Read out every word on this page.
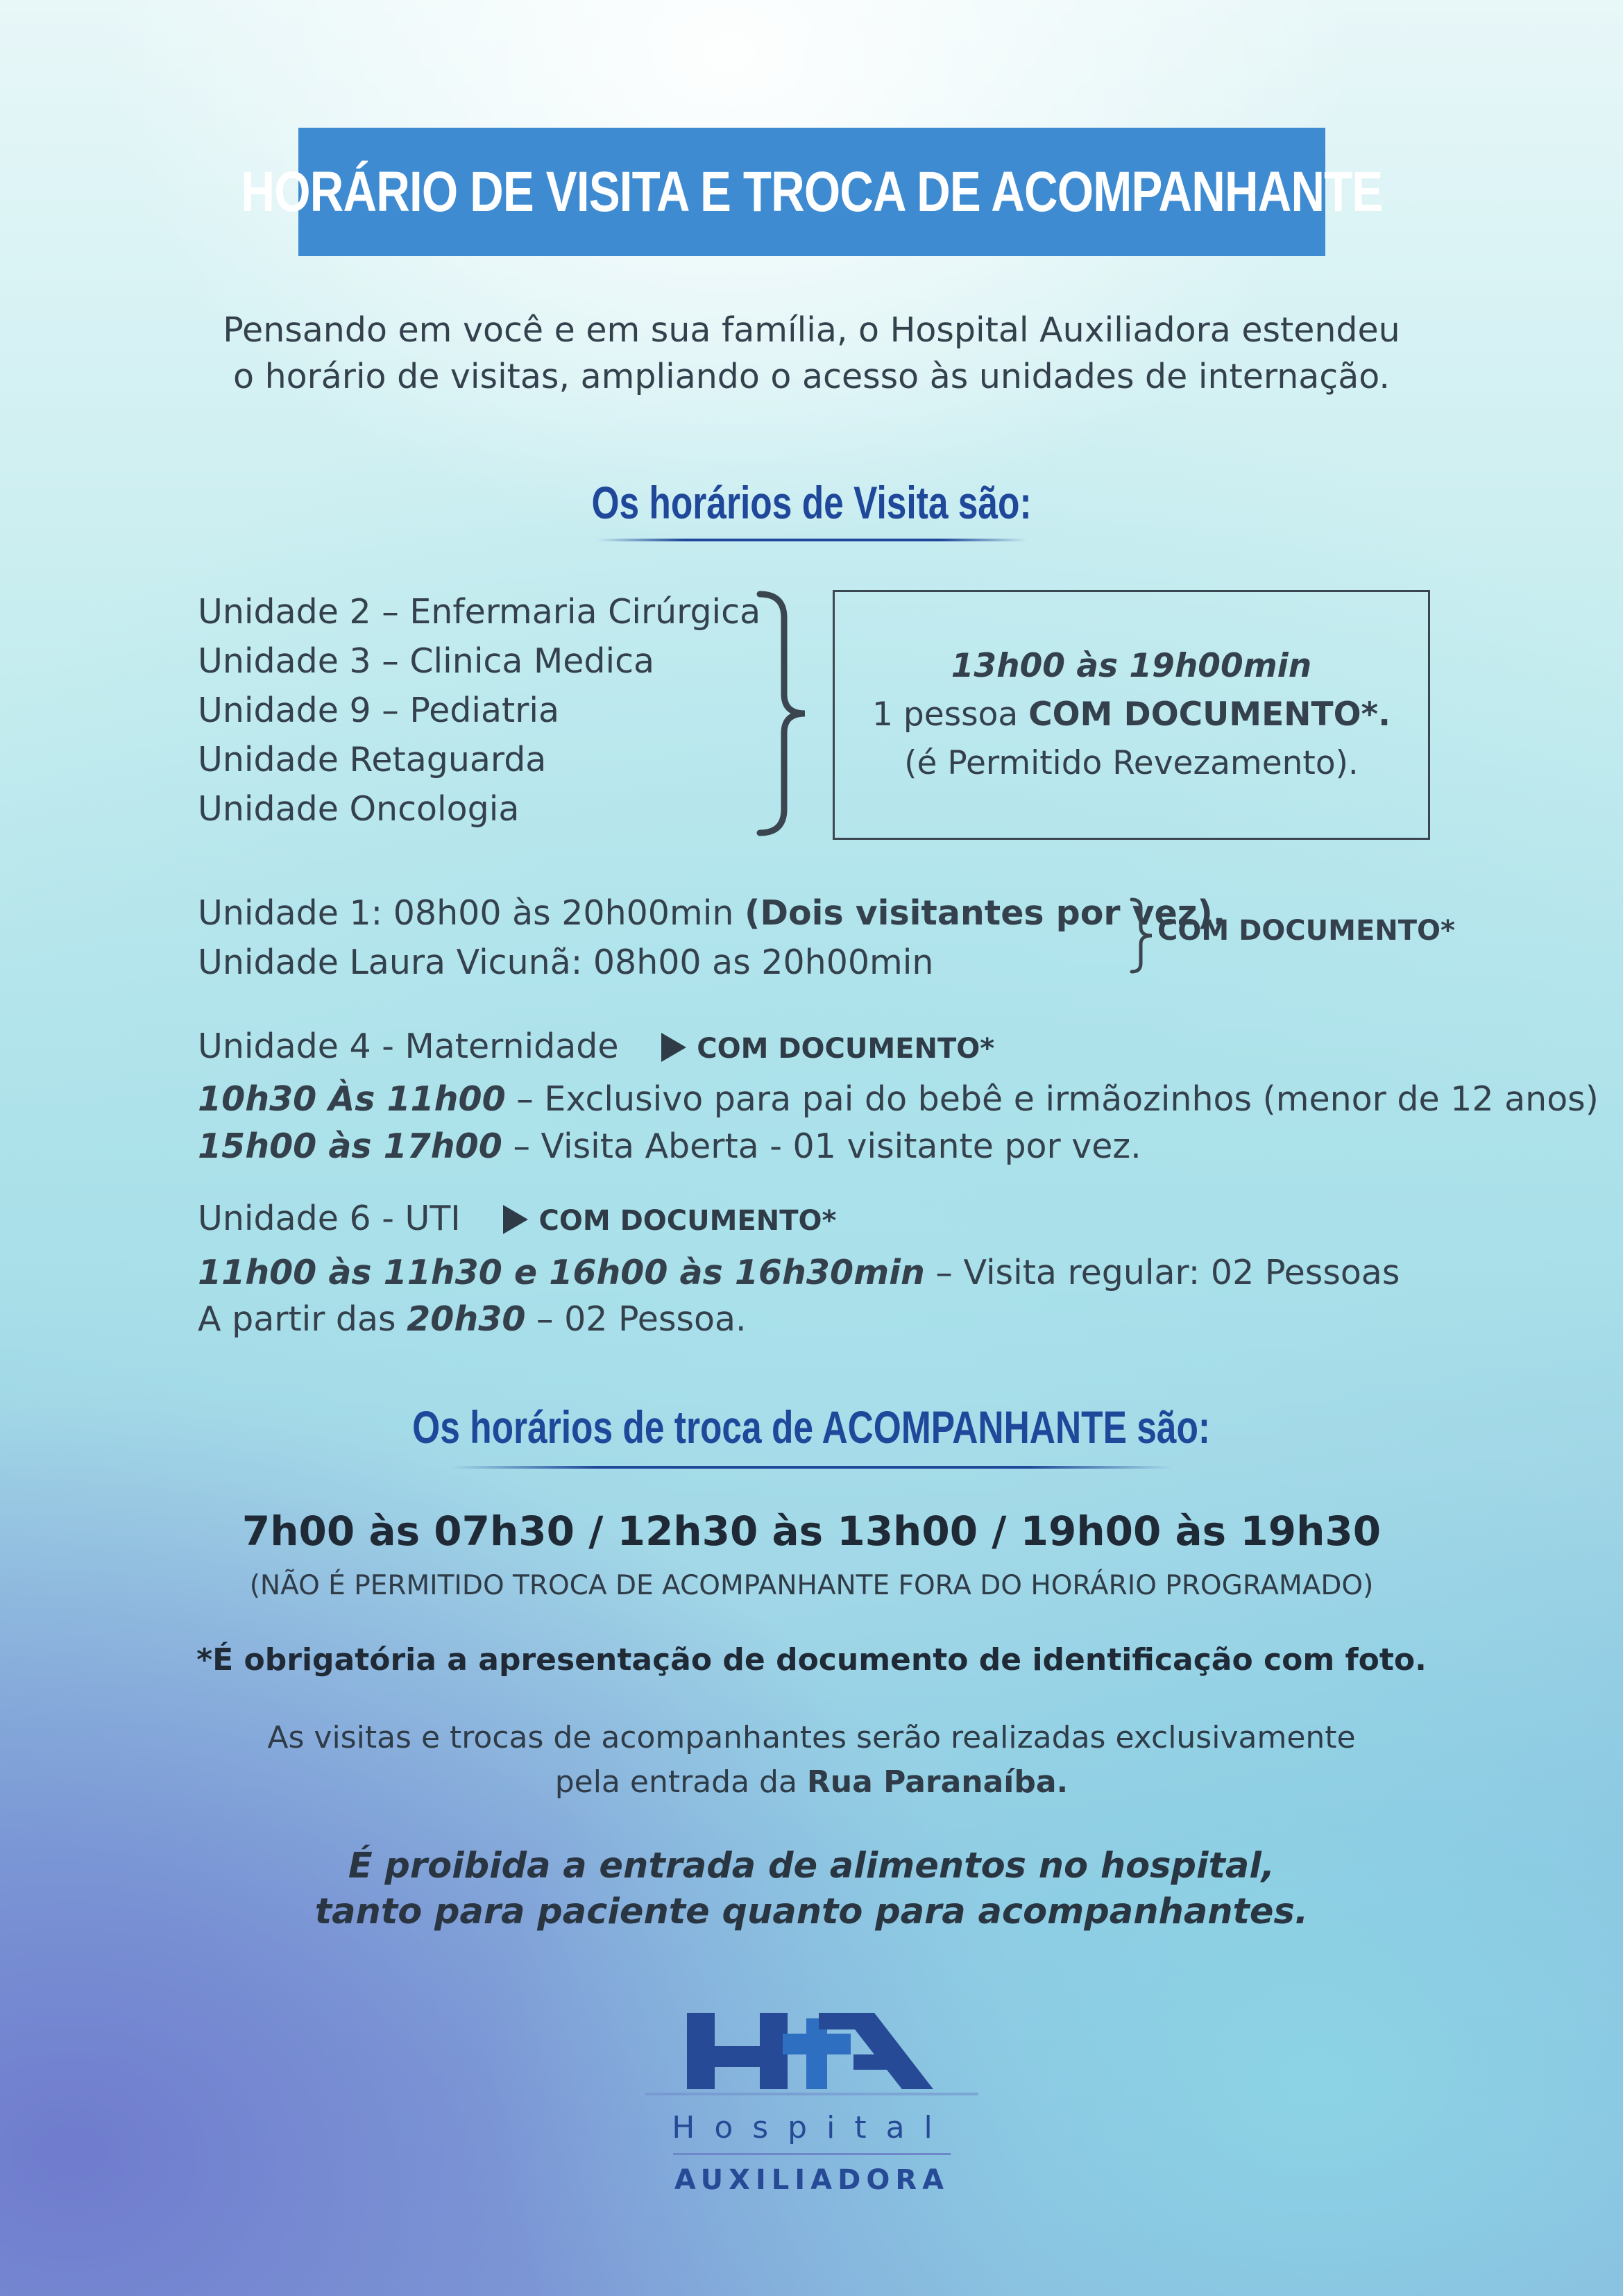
HORÁRIO DE VISITA E TROCA DE ACOMPANHANTE
Pensando em você e em sua família, o Hospital Auxiliadora estendeu
o horário de visitas, ampliando o acesso às unidades de internação.
Os horários de Visita são:
Unidade 2 – Enfermaria Cirúrgica
Unidade 3 – Clinica Medica
Unidade 9 – Pediatria
Unidade Retaguarda
Unidade Oncologia
13h00 às 19h00min
1 pessoa COM DOCUMENTO*.
(é Permitido Revezamento).
Unidade 1: 08h00 às 20h00min (Dois visitantes por vez).
Unidade Laura Vicunã: 08h00 as 20h00min
COM DOCUMENTO*
Unidade 4 - Maternidade	COM DOCUMENTO*
10h30 Às 11h00 – Exclusivo para pai do bebê e irmãozinhos (menor de 12 anos)
15h00 às 17h00 – Visita Aberta - 01 visitante por vez.
Unidade 6 - UTI	COM DOCUMENTO*
11h00 às 11h30 e 16h00 às 16h30min – Visita regular: 02 Pessoas
A partir das 20h30 – 02 Pessoa.
Os horários de troca de ACOMPANHANTE são:
7h00 às 07h30 / 12h30 às 13h00 / 19h00 às 19h30
(NÃO É PERMITIDO TROCA DE ACOMPANHANTE FORA DO HORÁRIO PROGRAMADO)
*É obrigatória a apresentação de documento de identificação com foto.
As visitas e trocas de acompanhantes serão realizadas exclusivamente
pela entrada da Rua Paranaíba.
É proibida a entrada de alimentos no hospital,
tanto para paciente quanto para acompanhantes.
Hospital
AUXILIADORA
